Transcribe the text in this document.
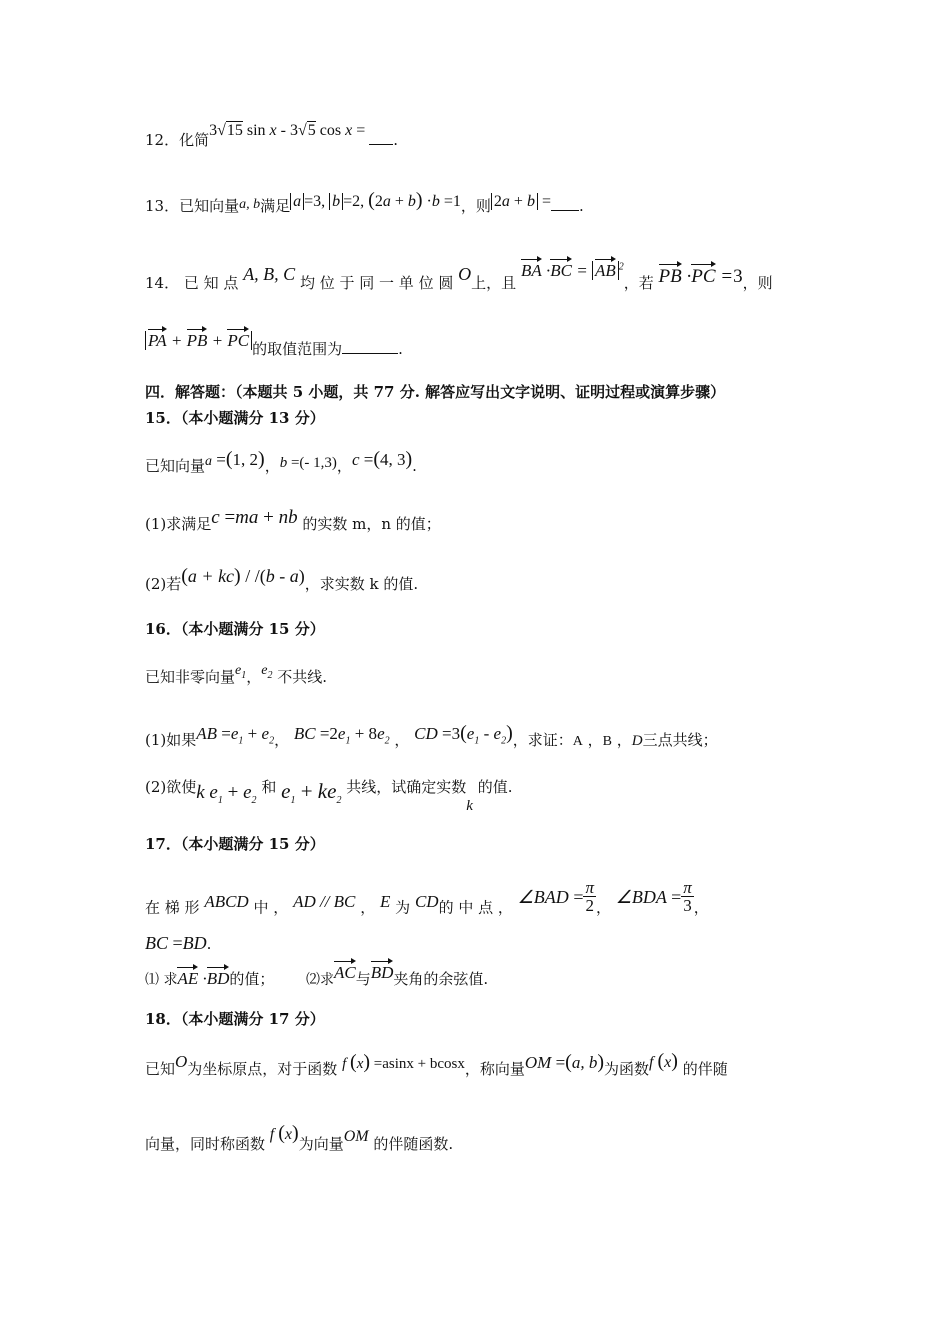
12．化简3√15 sin x - 3√5 cos x = .
13．已知向量a, b满足 a =3, b =2, (2a + b) ·b =1，则 2a + b = .
14． 已 知 点 A, B, C 均 位 于 同 一 单 位 圆 O上，且 BA ·BC = AB $^2$，若 PB ·PC =3，则
PA + PB + PC 的取值范围为	.
四．解答题：（本题共 5 小题，共 77 分. 解答应写出文字说明、证明过程或演算步骤）
15．（本小题满分 13 分）
已知向量a =(1, 2)，b =(- 1,3)，c =(4, 3).
(1)求满足c =ma + nb 的实数 m，n 的值；
(2)若(a + kc) / /(b - a)，求实数 k 的值.
16．（本小题满分 15 分）
已知非零向量$e_1$，$e_2$ 不共线.
(1)如果AB $=e_1 + e_2$， BC $=2e_1 + 8e_2$ ， CD $=3(e_1 - e_2)$，求证：A ，B ，D三点共线；
(2)欲使k $e_1 + e_2$ 和 $e_1 + ke_2$ 共线，试确定实数k 的值.
17．（本小题满分 15 分）
在 梯 形 ABCD 中 ， AD // BC ， E 为 CD的 中 点 ， ∠BAD = $\frac{\pi}{2}$ ， ∠BDA = $\frac{\pi}{3}$ ，
BC =BD.
⑴ 求AE ·BD的值； ⑵求AC与BD夹角的余弦值.
18．（本小题满分 17 分）
已知O为坐标原点，对于函数 f (x) =asinx + bcosx，称向量OM =(a, b)为函数f (x) 的伴随
向量，同时称函数 f (x)为向量OM 的伴随函数.
